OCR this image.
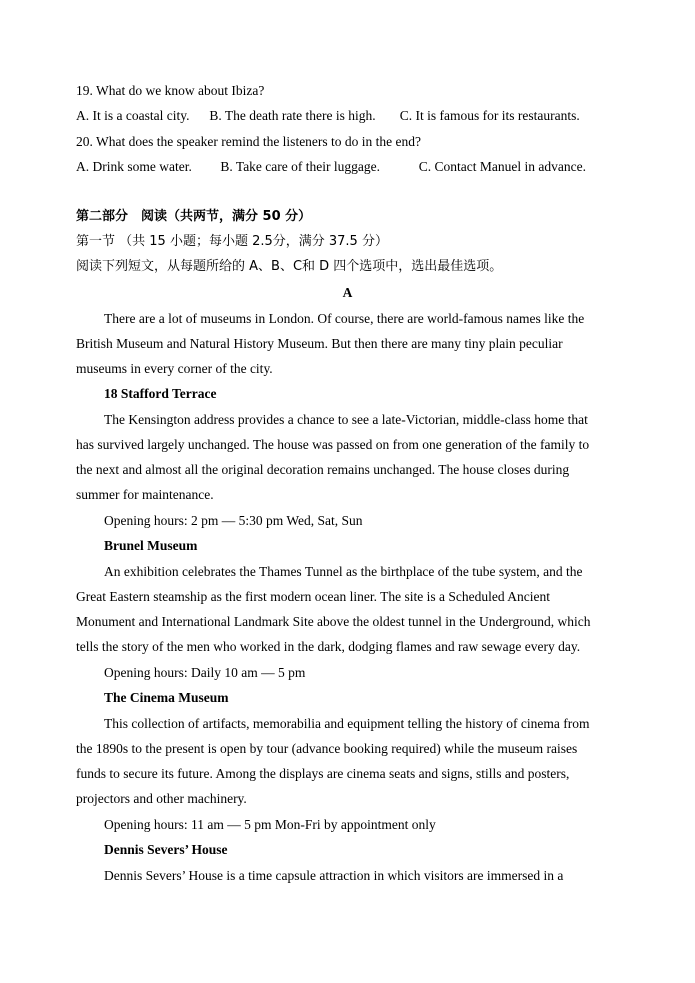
19. What do we know about Ibiza?
A. It is a coastal city. B. The death rate there is high. C. It is famous for its restaurants.
20. What does the speaker remind the listeners to do in the end?
A. Drink some water. B. Take care of their luggage.	C. Contact Manuel in advance.
第二部分　阅读（共两节，满分 50 分）
第一节 （共 15 小题；每小题 2.5分，满分 37.5 分）
阅读下列短文，从每题所给的 A、B、C和 D 四个选项中，选出最佳选项。
A
There are a lot of museums in London. Of course, there are world-famous names like the
British Museum and Natural History Museum. But then there are many tiny plain peculiar
museums in every corner of the city.
18 Stafford Terrace
The Kensington address provides a chance to see a late-Victorian, middle-class home that
has survived largely unchanged. The house was passed on from one generation of the family to
the next and almost all the original decoration remains unchanged. The house closes during
summer for maintenance.
Opening hours: 2 pm — 5:30 pm Wed, Sat, Sun
Brunel Museum
An exhibition celebrates the Thames Tunnel as the birthplace of the tube system, and the
Great Eastern steamship as the first modern ocean liner. The site is a Scheduled Ancient
Monument and International Landmark Site above the oldest tunnel in the Underground, which
tells the story of the men who worked in the dark, dodging flames and raw sewage every day.
Opening hours: Daily 10 am — 5 pm
The Cinema Museum
This collection of artifacts, memorabilia and equipment telling the history of cinema from
the 1890s to the present is open by tour (advance booking required) while the museum raises
funds to secure its future. Among the displays are cinema seats and signs, stills and posters,
projectors and other machinery.
Opening hours: 11 am — 5 pm Mon-Fri by appointment only
Dennis Severs’ House
Dennis Severs’ House is a time capsule attraction in which visitors are immersed in a
